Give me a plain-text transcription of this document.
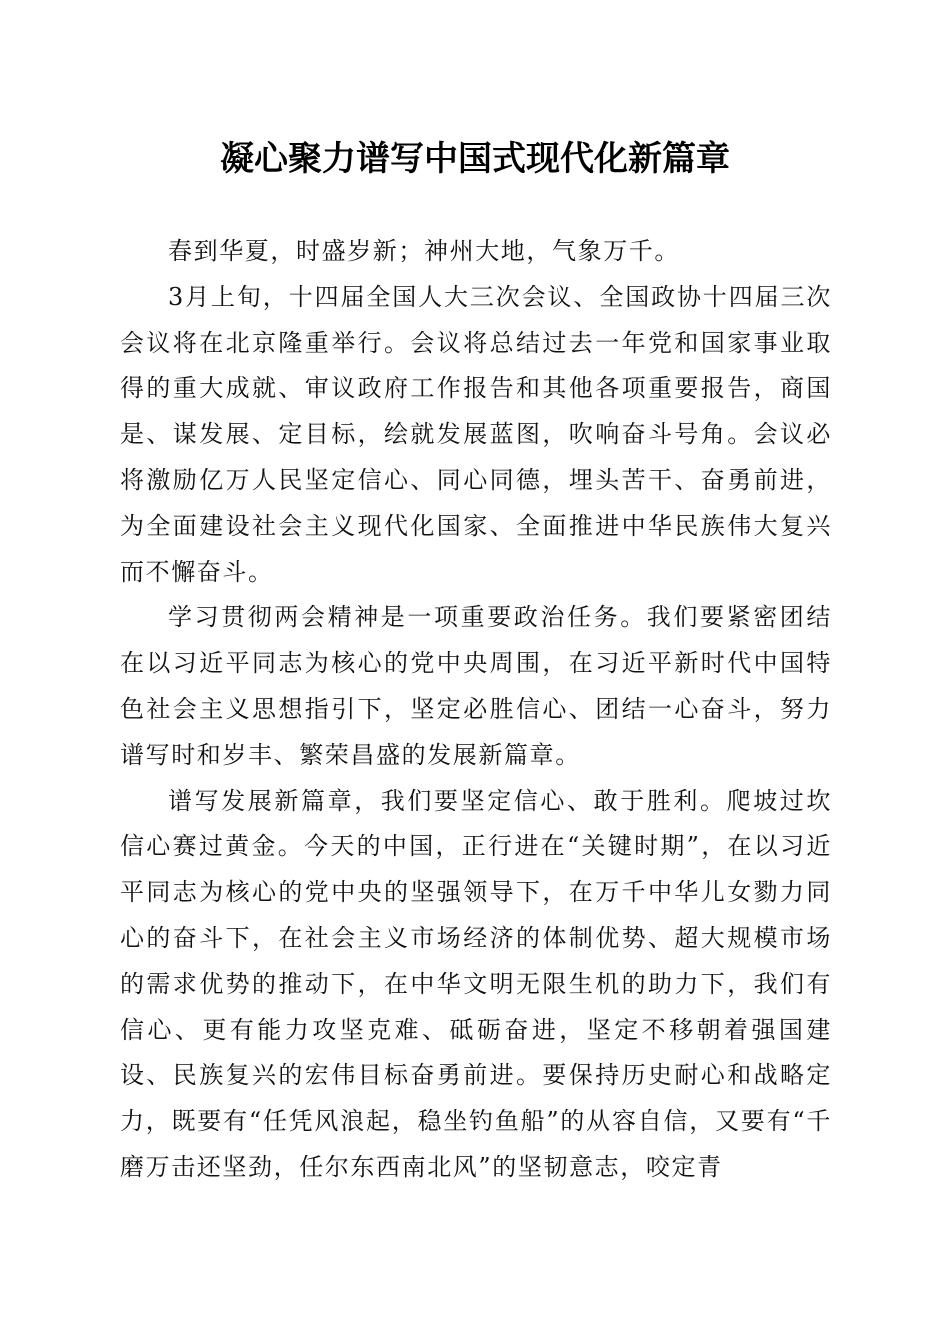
凝心聚力谱写中国式现代化新篇章

春到华夏，时盛岁新；神州大地，气象万千。

3月上旬，十四届全国人大三次会议、全国政协十四届三次会议将在北京隆重举行。会议将总结过去一年党和国家事业取得的重大成就、审议政府工作报告和其他各项重要报告，商国是、谋发展、定目标，绘就发展蓝图，吹响奋斗号角。会议必将激励亿万人民坚定信心、同心同德，埋头苦干、奋勇前进，为全面建设社会主义现代化国家、全面推进中华民族伟大复兴而不懈奋斗。

学习贯彻两会精神是一项重要政治任务。我们要紧密团结在以习近平同志为核心的党中央周围，在习近平新时代中国特色社会主义思想指引下，坚定必胜信心、团结一心奋斗，努力谱写时和岁丰、繁荣昌盛的发展新篇章。

谱写发展新篇章，我们要坚定信心、敢于胜利。爬坡过坎信心赛过黄金。今天的中国，正行进在“关键时期”，在以习近平同志为核心的党中央的坚强领导下，在万千中华儿女勠力同心的奋斗下，在社会主义市场经济的体制优势、超大规模市场的需求优势的推动下，在中华文明无限生机的助力下，我们有信心、更有能力攻坚克难、砥砺奋进，坚定不移朝着强国建设、民族复兴的宏伟目标奋勇前进。要保持历史耐心和战略定力，既要有“任凭风浪起，稳坐钓鱼船”的从容自信，又要有“千磨万击还坚劲，任尔东西南北风”的坚韧意志，咬定青
